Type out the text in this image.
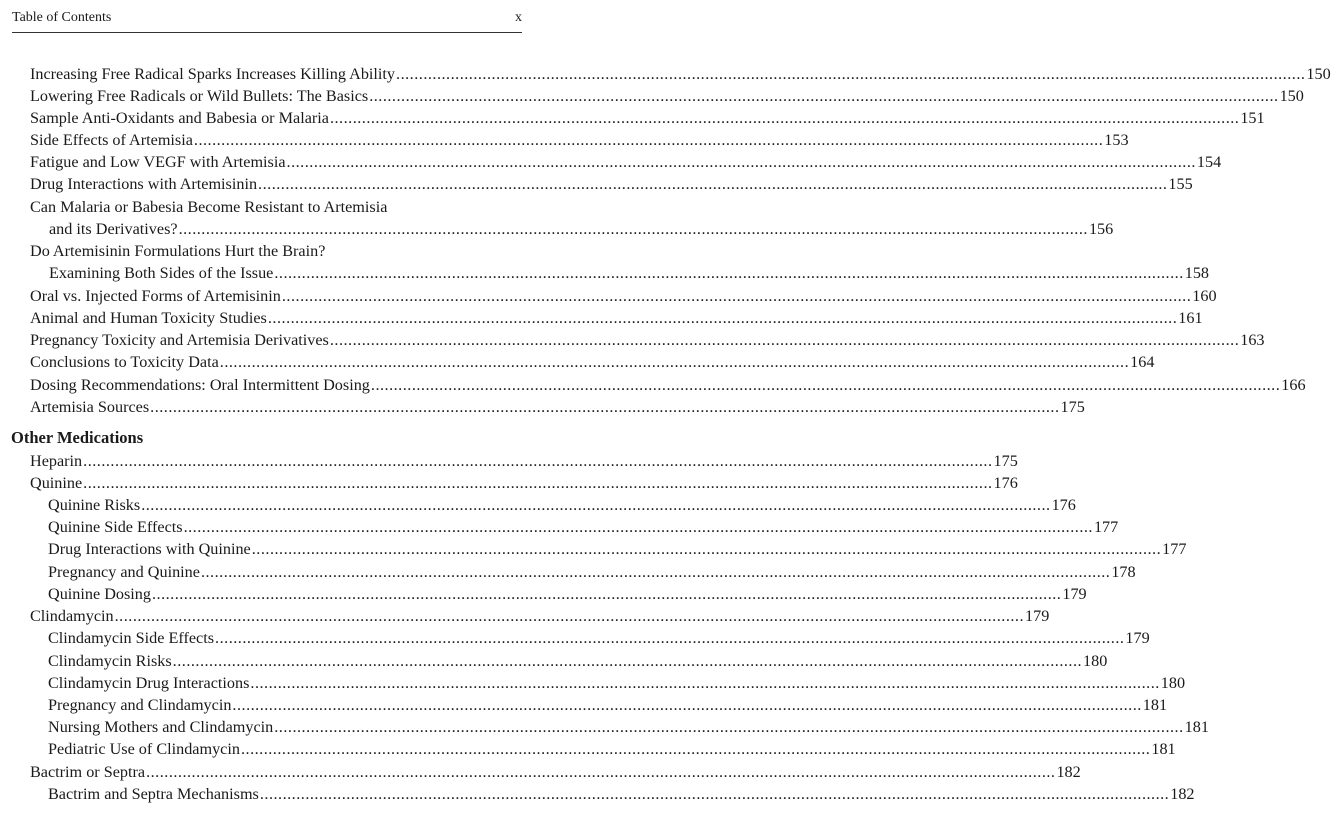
Table of Contents	x
Increasing Free Radical Sparks Increases Killing Ability ........................................................................................................................................................................................................ 150
Lowering Free Radicals or Wild Bullets: The Basics ........................................................................................................................................................................................................ 150
Sample Anti-Oxidants and Babesia or Malaria ........................................................................................................................................................................................................ 151
Side Effects of Artemisia ........................................................................................................................................................................................................ 153
Fatigue and Low VEGF with Artemisia ........................................................................................................................................................................................................ 154
Drug Interactions with Artemisinin ........................................................................................................................................................................................................ 155
Can Malaria or Babesia Become Resistant to Artemisia
and its Derivatives? ........................................................................................................................................................................................................ 156
Do Artemisinin Formulations Hurt the Brain?
Examining Both Sides of the Issue ........................................................................................................................................................................................................ 158
Oral vs. Injected Forms of Artemisinin ........................................................................................................................................................................................................ 160
Animal and Human Toxicity Studies ........................................................................................................................................................................................................ 161
Pregnancy Toxicity and Artemisia Derivatives ........................................................................................................................................................................................................ 163
Conclusions to Toxicity Data ........................................................................................................................................................................................................ 164
Dosing Recommendations: Oral Intermittent Dosing ........................................................................................................................................................................................................ 166
Artemisia Sources ........................................................................................................................................................................................................ 175
Other Medications
Heparin ........................................................................................................................................................................................................ 175
Quinine ........................................................................................................................................................................................................ 176
Quinine Risks ........................................................................................................................................................................................................ 176
Quinine Side Effects ........................................................................................................................................................................................................ 177
Drug Interactions with Quinine ........................................................................................................................................................................................................ 177
Pregnancy and Quinine ........................................................................................................................................................................................................ 178
Quinine Dosing ........................................................................................................................................................................................................ 179
Clindamycin ........................................................................................................................................................................................................ 179
Clindamycin Side Effects ........................................................................................................................................................................................................ 179
Clindamycin Risks ........................................................................................................................................................................................................ 180
Clindamycin Drug Interactions ........................................................................................................................................................................................................ 180
Pregnancy and Clindamycin ........................................................................................................................................................................................................ 181
Nursing Mothers and Clindamycin ........................................................................................................................................................................................................ 181
Pediatric Use of Clindamycin ........................................................................................................................................................................................................ 181
Bactrim or Septra ........................................................................................................................................................................................................ 182
Bactrim and Septra Mechanisms ........................................................................................................................................................................................................ 182
